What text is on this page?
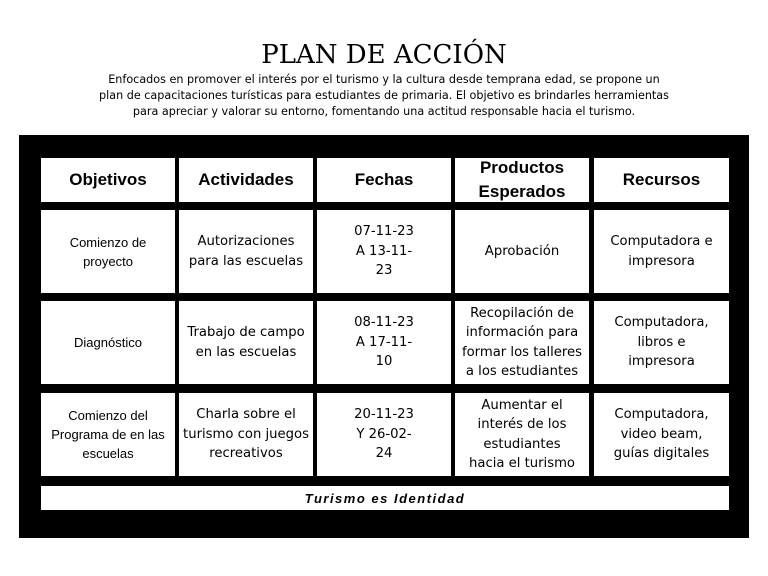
PLAN DE ACCIÓN

Enfocados en promover el interés por el turismo y la cultura desde temprana edad, se propone un plan de capacitaciones turísticas para estudiantes de primaria. El objetivo es brindarles herramientas para apreciar y valorar su entorno, fomentando una actitud responsable hacia el turismo.

Objetivos	Actividades	Fechas
Productos Esperados
Recursos
Comienzo de proyecto
Autorizaciones para las escuelas
07-11-23 A 13-11-23
Aprobación
Computadora e impresora
Diagnóstico
Trabajo de campo en las escuelas
08-11-23 A 17-11-10
Recopilación de información para formar los talleres a los estudiantes
Computadora, libros e impresora
Comienzo del Programa de en las escuelas
Charla sobre el turismo con juegos recreativos
20-11-23 Y 26-02-24
Aumentar el interés de los estudiantes hacia el turismo
Computadora, video beam, guías digitales
Turismo es Identidad
